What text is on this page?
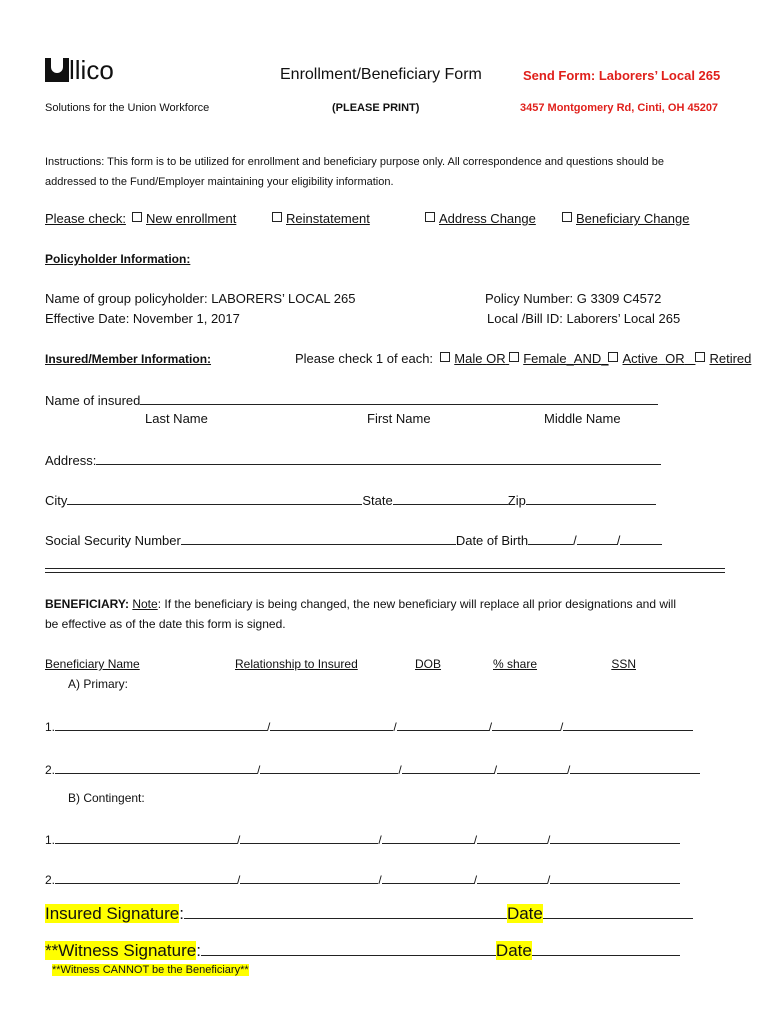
llico
Solutions for the Union Workforce
Enrollment/Beneficiary Form
(PLEASE PRINT)
Send Form: Laborers’ Local 265
3457 Montgomery Rd, Cinti, OH 45207
Instructions: This form is to be utilized for enrollment and beneficiary purpose only. All correspondence and questions should be
addressed to the Fund/Employer maintaining your eligibility information.
Please check:	New enrollment	Reinstatement	Address Change	Beneficiary Change
Policyholder Information:
Name of group policyholder: LABORERS’ LOCAL 265
Effective Date: November 1, 2017
Policy Number: G 3309 C4572
Local /Bill ID: Laborers’ Local 265
Insured/Member Information:	Please check 1 of each: Male OR Female_AND_ Active OR Retired
Name of insured
Last Name	First Name	Middle Name
Address:
City	State	Zip
Social Security Number	Date of Birth	/	/
BENEFICIARY: Note: If the beneficiary is being changed, the new beneficiary will replace all prior designations and will
be effective as of the date this form is signed.
Beneficiary Name	Relationship to Insured	DOB	% share	SSN
A) Primary:
1.	/	/	/	/
2.	/	/	/	/
B) Contingent:
1.	/	/	/	/
2.	/	/	/	/
Insured Signature:	Date
**Witness Signature:	Date
**Witness CANNOT be the Beneficiary**
